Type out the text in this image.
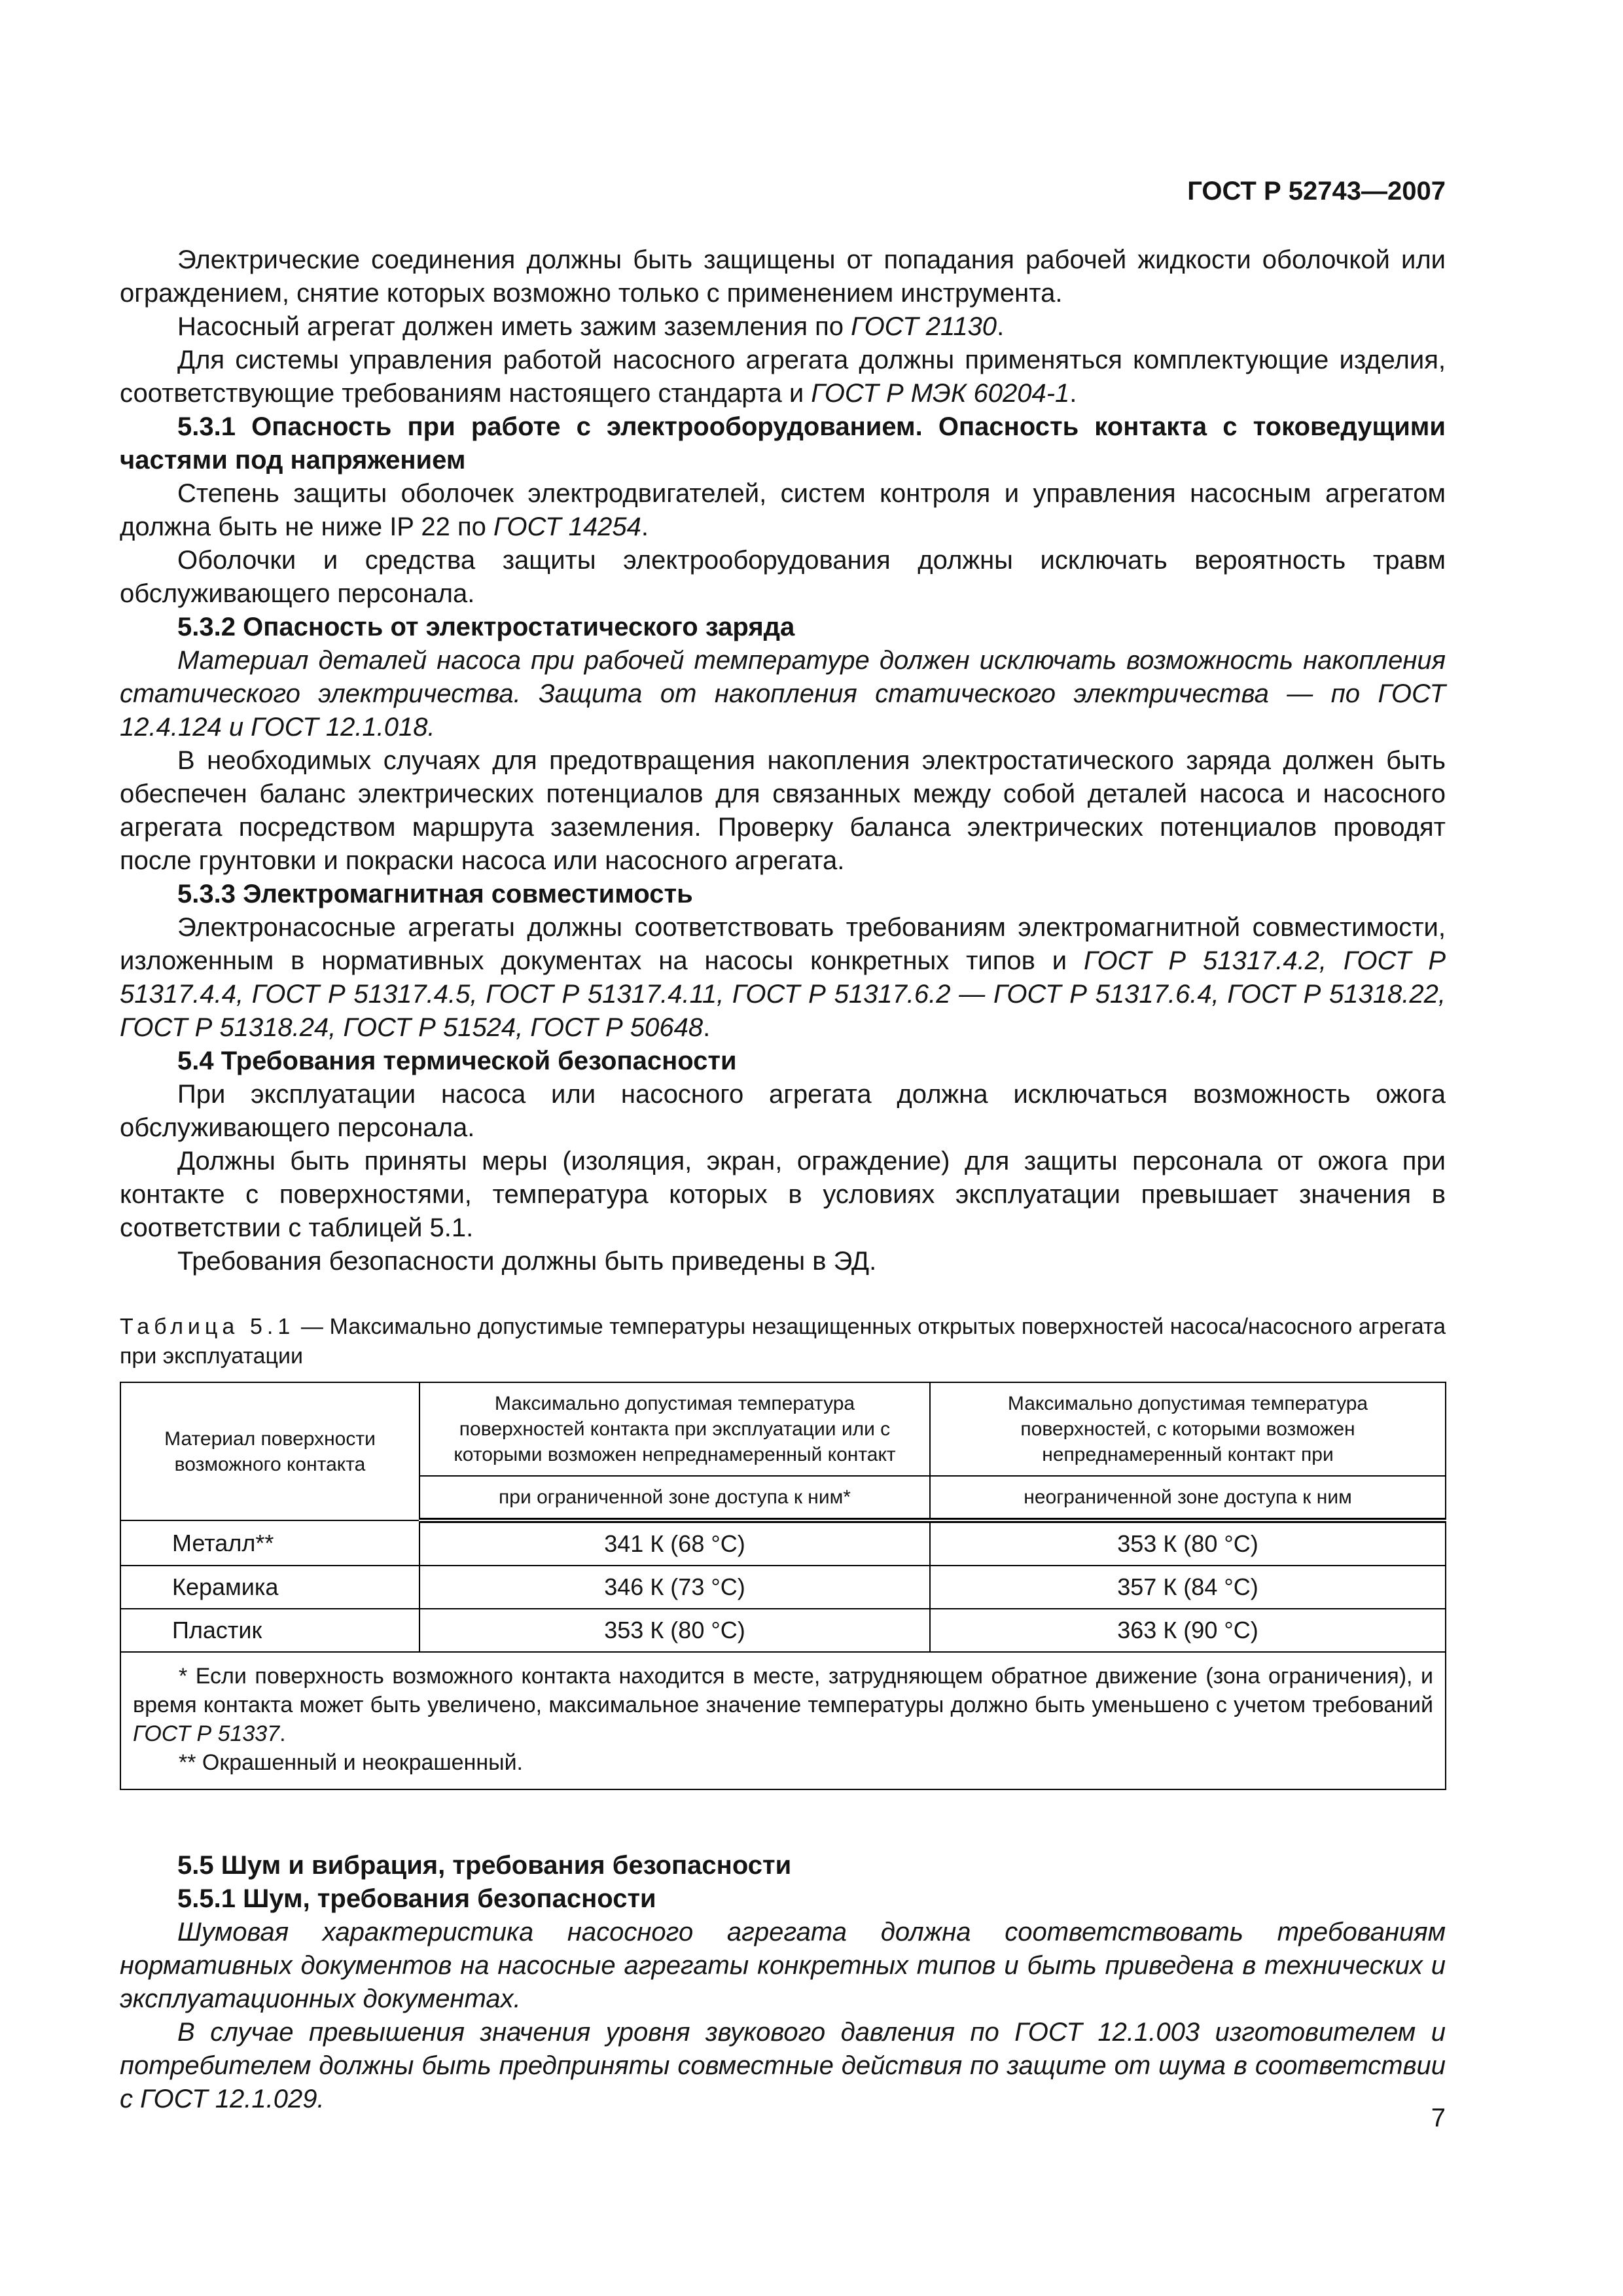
ГОСТ Р 52743—2007

Электрические соединения должны быть защищены от попадания рабочей жидкости оболочкой или ограждением, снятие которых возможно только с применением инструмента.

Насосный агрегат должен иметь зажим заземления по ГОСТ 21130.

Для системы управления работой насосного агрегата должны применяться комплектующие изделия, соответствующие требованиям настоящего стандарта и ГОСТ Р МЭК 60204-1.

5.3.1 Опасность при работе с электрооборудованием. Опасность контакта с токоведущими частями под напряжением

Степень защиты оболочек электродвигателей, систем контроля и управления насосным агрегатом должна быть не ниже IP 22 по ГОСТ 14254.

Оболочки и средства защиты электрооборудования должны исключать вероятность травм обслуживающего персонала.

5.3.2 Опасность от электростатического заряда

Материал деталей насоса при рабочей температуре должен исключать возможность накопления статического электричества. Защита от накопления статического электричества — по ГОСТ 12.4.124 и ГОСТ 12.1.018.

В необходимых случаях для предотвращения накопления электростатического заряда должен быть обеспечен баланс электрических потенциалов для связанных между собой деталей насоса и насосного агрегата посредством маршрута заземления. Проверку баланса электрических потенциалов проводят после грунтовки и покраски насоса или насосного агрегата.

5.3.3 Электромагнитная совместимость

Электронасосные агрегаты должны соответствовать требованиям электромагнитной совместимости, изложенным в нормативных документах на насосы конкретных типов и ГОСТ Р 51317.4.2, ГОСТ Р 51317.4.4, ГОСТ Р 51317.4.5, ГОСТ Р 51317.4.11, ГОСТ Р 51317.6.2 — ГОСТ Р 51317.6.4, ГОСТ Р 51318.22, ГОСТ Р 51318.24, ГОСТ Р 51524, ГОСТ Р 50648.

5.4 Требования термической безопасности

При эксплуатации насоса или насосного агрегата должна исключаться возможность ожога обслуживающего персонала.

Должны быть приняты меры (изоляция, экран, ограждение) для защиты персонала от ожога при контакте с поверхностями, температура которых в условиях эксплуатации превышает значения в соответствии с таблицей 5.1.

Требования безопасности должны быть приведены в ЭД.

Таблица 5.1 — Максимально допустимые температуры незащищенных открытых поверхностей насоса/насосного агрегата при эксплуатации
Материал поверхности возможного контакта	Максимально допустимая температура поверхностей контакта при эксплуатации или с которыми возможен непреднамеренный контакт	Максимально допустимая температура поверхностей, с которыми возможен непреднамеренный контакт при
	при ограниченной зоне доступа к ним*	неограниченной зоне доступа к ним
Металл**	341 К (68 °С)	353 К (80 °С)
Керамика	346 К (73 °С)	357 К (84 °С)
Пластик	353 К (80 °С)	363 К (90 °С)

* Если поверхность возможного контакта находится в месте, затрудняющем обратное движение (зона ограничения), и время контакта может быть увеличено, максимальное значение температуры должно быть уменьшено с учетом требований ГОСТ Р 51337.

** Окрашенный и неокрашенный.		

5.5 Шум и вибрация, требования безопасности

5.5.1 Шум, требования безопасности

Шумовая характеристика насосного агрегата должна соответствовать требованиям нормативных документов на насосные агрегаты конкретных типов и быть приведена в технических и эксплуатационных документах.

В случае превышения значения уровня звукового давления по ГОСТ 12.1.003 изготовителем и потребителем должны быть предприняты совместные действия по защите от шума в соответствии с ГОСТ 12.1.029.

7
